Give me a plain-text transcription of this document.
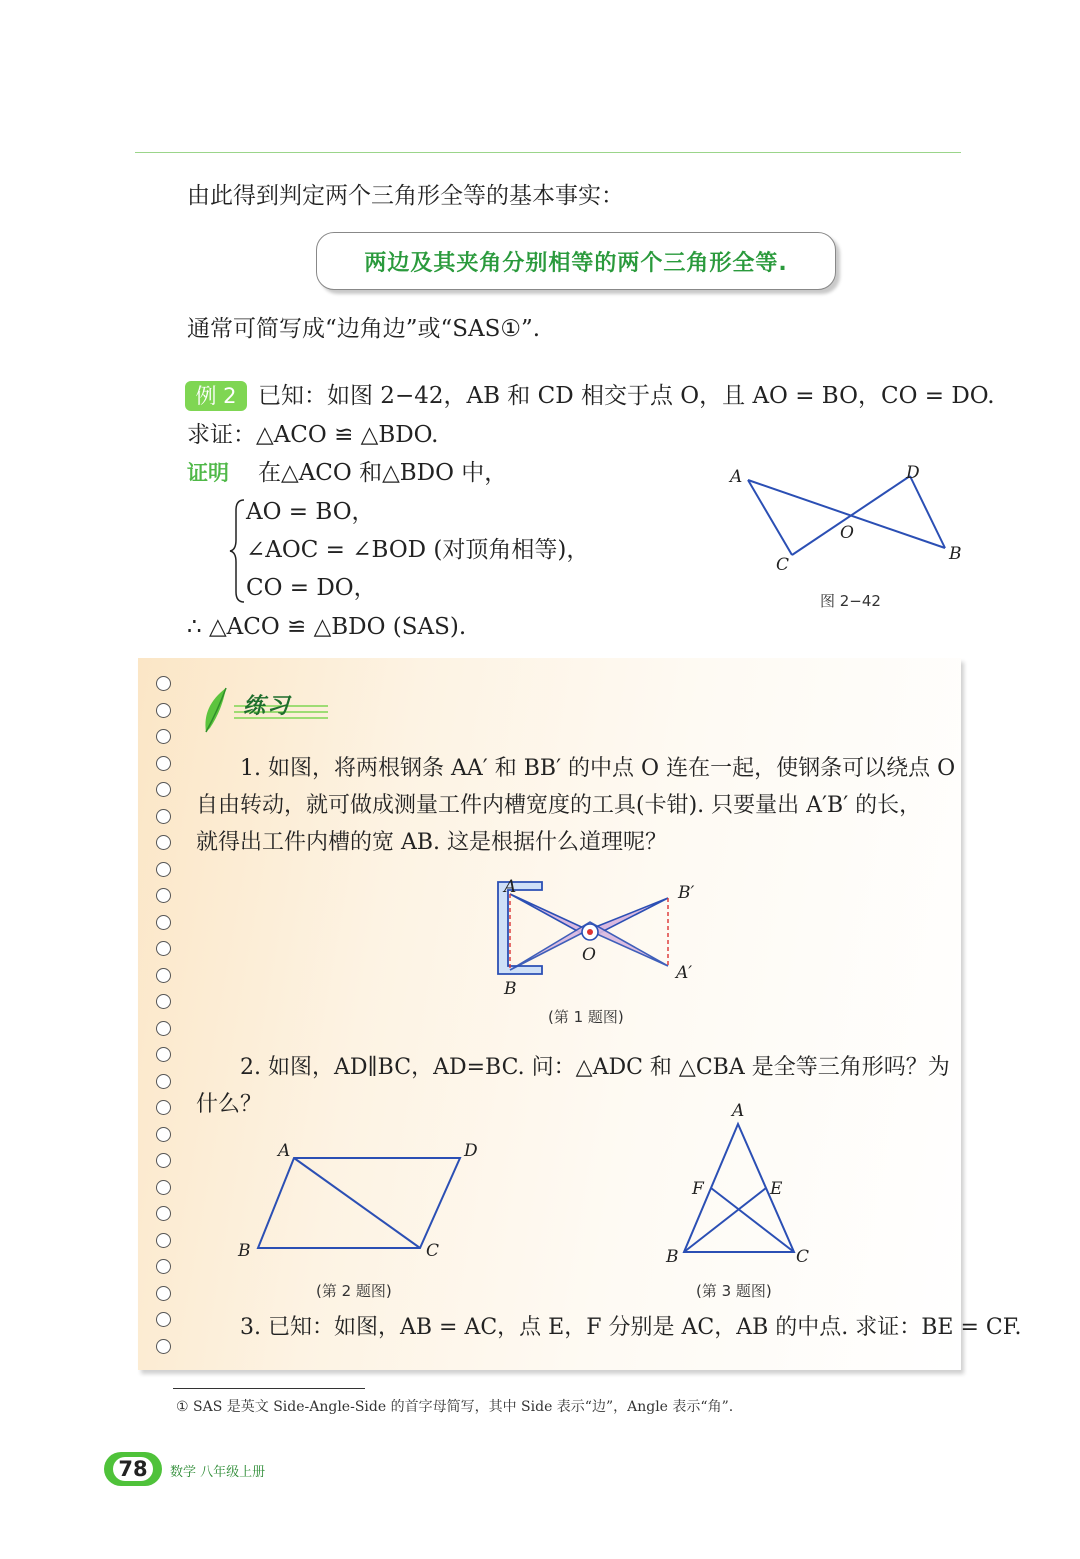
由此得到判定两个三角形全等的基本事实：
两边及其夹角分别相等的两个三角形全等.
通常可简写成“边角边”或“SAS①”.
例 2 已知：如图 2−42，AB 和 CD 相交于点 O，且 AO = BO，CO = DO.
求证：△ACO ≌ △BDO.
证明 在△ACO 和△BDO 中，
AO = BO，
∠AOC = ∠BOD (对顶角相等)，
CO = DO，
∴ △ACO ≌ △BDO (SAS).
A	D
O
C
B
图 2−42
练习
1. 如图，将两根钢条 AA′ 和 BB′ 的中点 O 连在一起，使钢条可以绕点 O
自由转动，就可做成测量工件内槽宽度的工具(卡钳). 只要量出 A′B′ 的长，
就得出工件内槽的宽 AB. 这是根据什么道理呢？
A	B′
O
A′
B
(第 1 题图)
2. 如图，AD∥BC，AD=BC. 问：△ADC 和 △CBA 是全等三角形吗？为
什么？
A	D
B	C
(第 2 题图)
A
F	E
B	C
(第 3 题图)
3. 已知：如图，AB = AC，点 E，F 分别是 AC，AB 的中点. 求证：BE = CF.
① SAS 是英文 Side-Angle-Side 的首字母简写，其中 Side 表示“边”，Angle 表示“角”.
78	数学 八年级上册
